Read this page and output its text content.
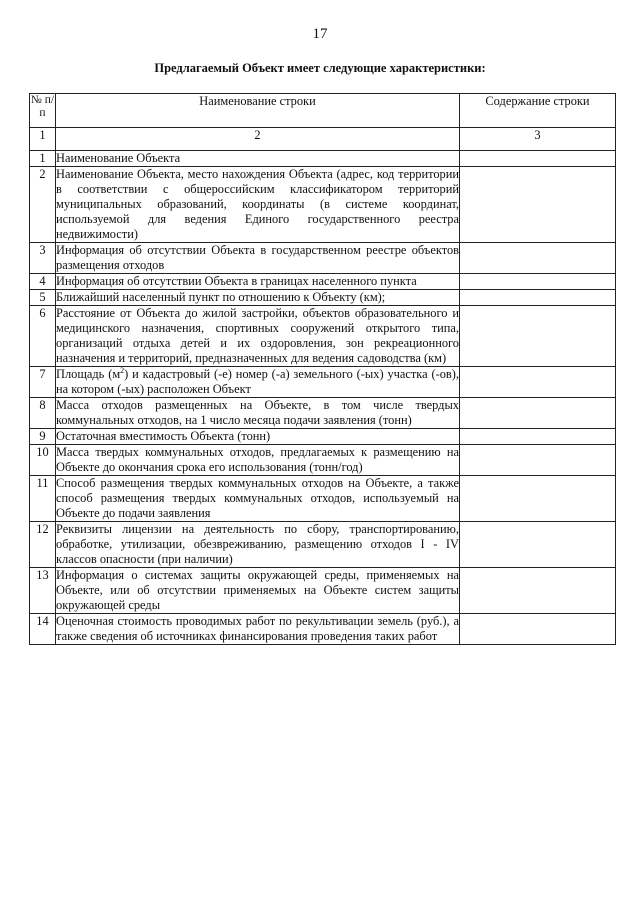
17
Предлагаемый Объект имеет следующие характеристики:
№ п/п	Наименование строки	Содержание строки
1	2	3
1	Наименование Объекта	
2	Наименование Объекта, место нахождения Объекта (адрес, код территории в соответствии с общероссийским классификатором территорий муниципальных образований, координаты (в системе координат, используемой для ведения Единого государственного реестра недвижимости)	
3	Информация об отсутствии Объекта в государственном реестре объектов размещения отходов	
4	Информация об отсутствии Объекта в границах населенного пункта	
5	Ближайший населенный пункт по отношению к Объекту (км);	
6	Расстояние от Объекта до жилой застройки, объектов образовательного и медицинского назначения, спортивных сооружений открытого типа, организаций отдыха детей и их оздоровления, зон рекреационного назначения и территорий, предназначенных для ведения садоводства (км)	
7	Площадь $(м^2)$ и кадастровый (-е) номер (-а) земельного (-ых) участка (-ов), на котором (-ых) расположен Объект	
8	Масса отходов размещенных на Объекте, в том числе твердых коммунальных отходов, на 1 число месяца подачи заявления (тонн)	
9	Остаточная вместимость Объекта (тонн)	
10	Масса твердых коммунальных отходов, предлагаемых к размещению на Объекте до окончания срока его использования (тонн/год)	
11	Способ размещения твердых коммунальных отходов на Объекте, а также способ размещения твердых коммунальных отходов, используемый на Объекте до подачи заявления	
12	Реквизиты лицензии на деятельность по сбору, транспортированию, обработке, утилизации, обезвреживанию, размещению отходов I - IV классов опасности (при наличии)	
13	Информация о системах защиты окружающей среды, применяемых на Объекте, или об отсутствии применяемых на Объекте систем защиты окружающей среды	
14	Оценочная стоимость проводимых работ по рекультивации земель (руб.), а также сведения об источниках финансирования проведения таких работ	
